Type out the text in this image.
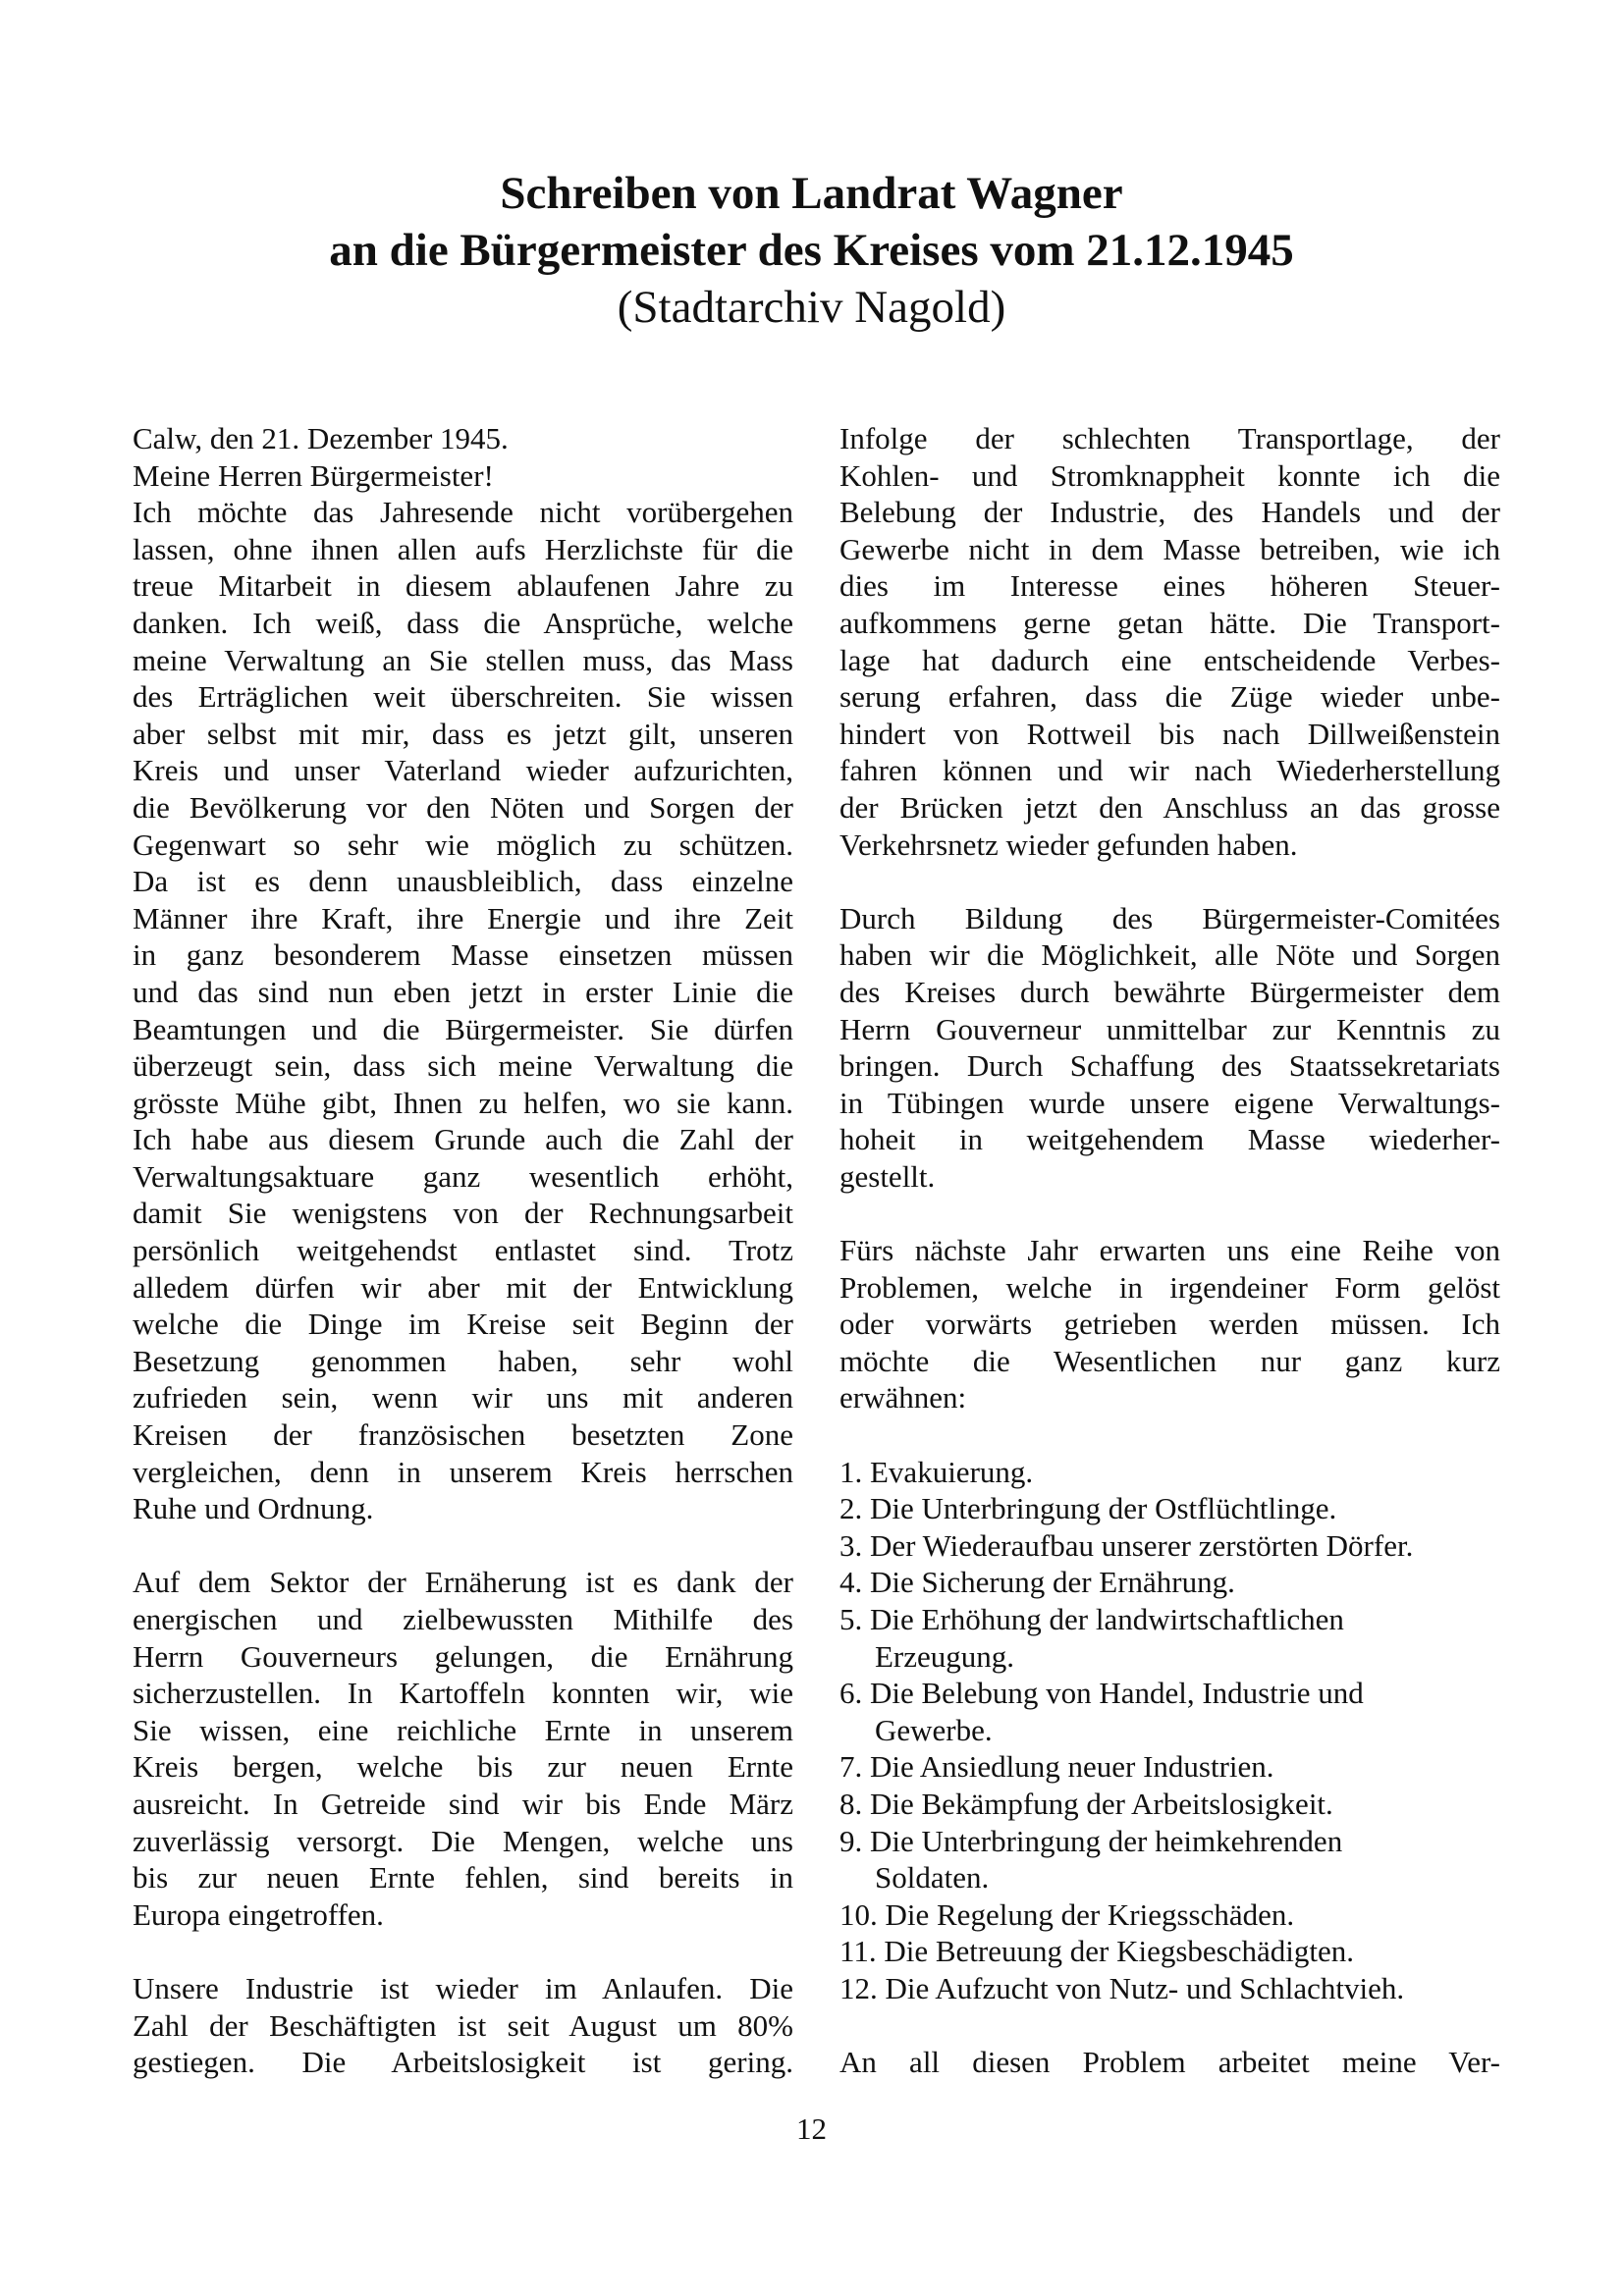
Schreiben von Landrat Wagner

an die Bürgermeister des Kreises vom 21.12.1945

(Stadtarchiv Nagold)

Calw, den 21. Dezember 1945.
Meine Herren Bürgermeister!
Ich möchte das Jahresende nicht vorübergehen
lassen, ohne ihnen allen aufs Herzlichste für die
treue Mitarbeit in diesem ablaufenen Jahre zu
danken. Ich weiß, dass die Ansprüche, welche
meine Verwaltung an Sie stellen muss, das Mass
des Erträglichen weit überschreiten. Sie wissen
aber selbst mit mir, dass es jetzt gilt, unseren
Kreis und unser Vaterland wieder aufzurichten,
die Bevölkerung vor den Nöten und Sorgen der
Gegenwart so sehr wie möglich zu schützen.
Da ist es denn unausbleiblich, dass einzelne
Männer ihre Kraft, ihre Energie und ihre Zeit
in ganz besonderem Masse einsetzen müssen
und das sind nun eben jetzt in erster Linie die
Beamtungen und die Bürgermeister. Sie dürfen
überzeugt sein, dass sich meine Verwaltung die
grösste Mühe gibt, Ihnen zu helfen, wo sie kann.
Ich habe aus diesem Grunde auch die Zahl der
Verwaltungsaktuare ganz wesentlich erhöht,
damit Sie wenigstens von der Rechnungsarbeit
persönlich weitgehendst entlastet sind. Trotz
alledem dürfen wir aber mit der Entwicklung
welche die Dinge im Kreise seit Beginn der
Besetzung genommen haben, sehr wohl
zufrieden sein, wenn wir uns mit anderen
Kreisen der französischen besetzten Zone
vergleichen, denn in unserem Kreis herrschen
Ruhe und Ordnung.
Auf dem Sektor der Ernäherung ist es dank der
energischen und zielbewussten Mithilfe des
Herrn Gouverneurs gelungen, die Ernährung
sicherzustellen. In Kartoffeln konnten wir, wie
Sie wissen, eine reichliche Ernte in unserem
Kreis bergen, welche bis zur neuen Ernte
ausreicht. In Getreide sind wir bis Ende März
zuverlässig versorgt. Die Mengen, welche uns
bis zur neuen Ernte fehlen, sind bereits in
Europa eingetroffen.
Unsere Industrie ist wieder im Anlaufen. Die
Zahl der Beschäftigten ist seit August um 80%
gestiegen. Die Arbeitslosigkeit ist gering.
Infolge der schlechten Transportlage, der
Kohlen- und Stromknappheit konnte ich die
Belebung der Industrie, des Handels und der
Gewerbe nicht in dem Masse betreiben, wie ich
dies im Interesse eines höheren Steuer-
aufkommens gerne getan hätte. Die Transport-
lage hat dadurch eine entscheidende Verbes-
serung erfahren, dass die Züge wieder unbe-
hindert von Rottweil bis nach Dillweißenstein
fahren können und wir nach Wiederherstellung
der Brücken jetzt den Anschluss an das grosse
Verkehrsnetz wieder gefunden haben.
Durch Bildung des Bürgermeister-Comitées
haben wir die Möglichkeit, alle Nöte und Sorgen
des Kreises durch bewährte Bürgermeister dem
Herrn Gouverneur unmittelbar zur Kenntnis zu
bringen. Durch Schaffung des Staatssekretariats
in Tübingen wurde unsere eigene Verwaltungs-
hoheit in weitgehendem Masse wiederher-
gestellt.
Fürs nächste Jahr erwarten uns eine Reihe von
Problemen, welche in irgendeiner Form gelöst
oder vorwärts getrieben werden müssen. Ich
möchte die Wesentlichen nur ganz kurz
erwähnen:
1. Evakuierung.
2. Die Unterbringung der Ostflüchtlinge.
3. Der Wiederaufbau unserer zerstörten Dörfer.
4. Die Sicherung der Ernährung.
5. Die Erhöhung der landwirtschaftlichen
Erzeugung.
6. Die Belebung von Handel, Industrie und
Gewerbe.
7. Die Ansiedlung neuer Industrien.
8. Die Bekämpfung der Arbeitslosigkeit.
9. Die Unterbringung der heimkehrenden
Soldaten.
10. Die Regelung der Kriegsschäden.
11. Die Betreuung der Kiegsbeschädigten.
12. Die Aufzucht von Nutz- und Schlachtvieh.
An all diesen Problem arbeitet meine Ver-
12
